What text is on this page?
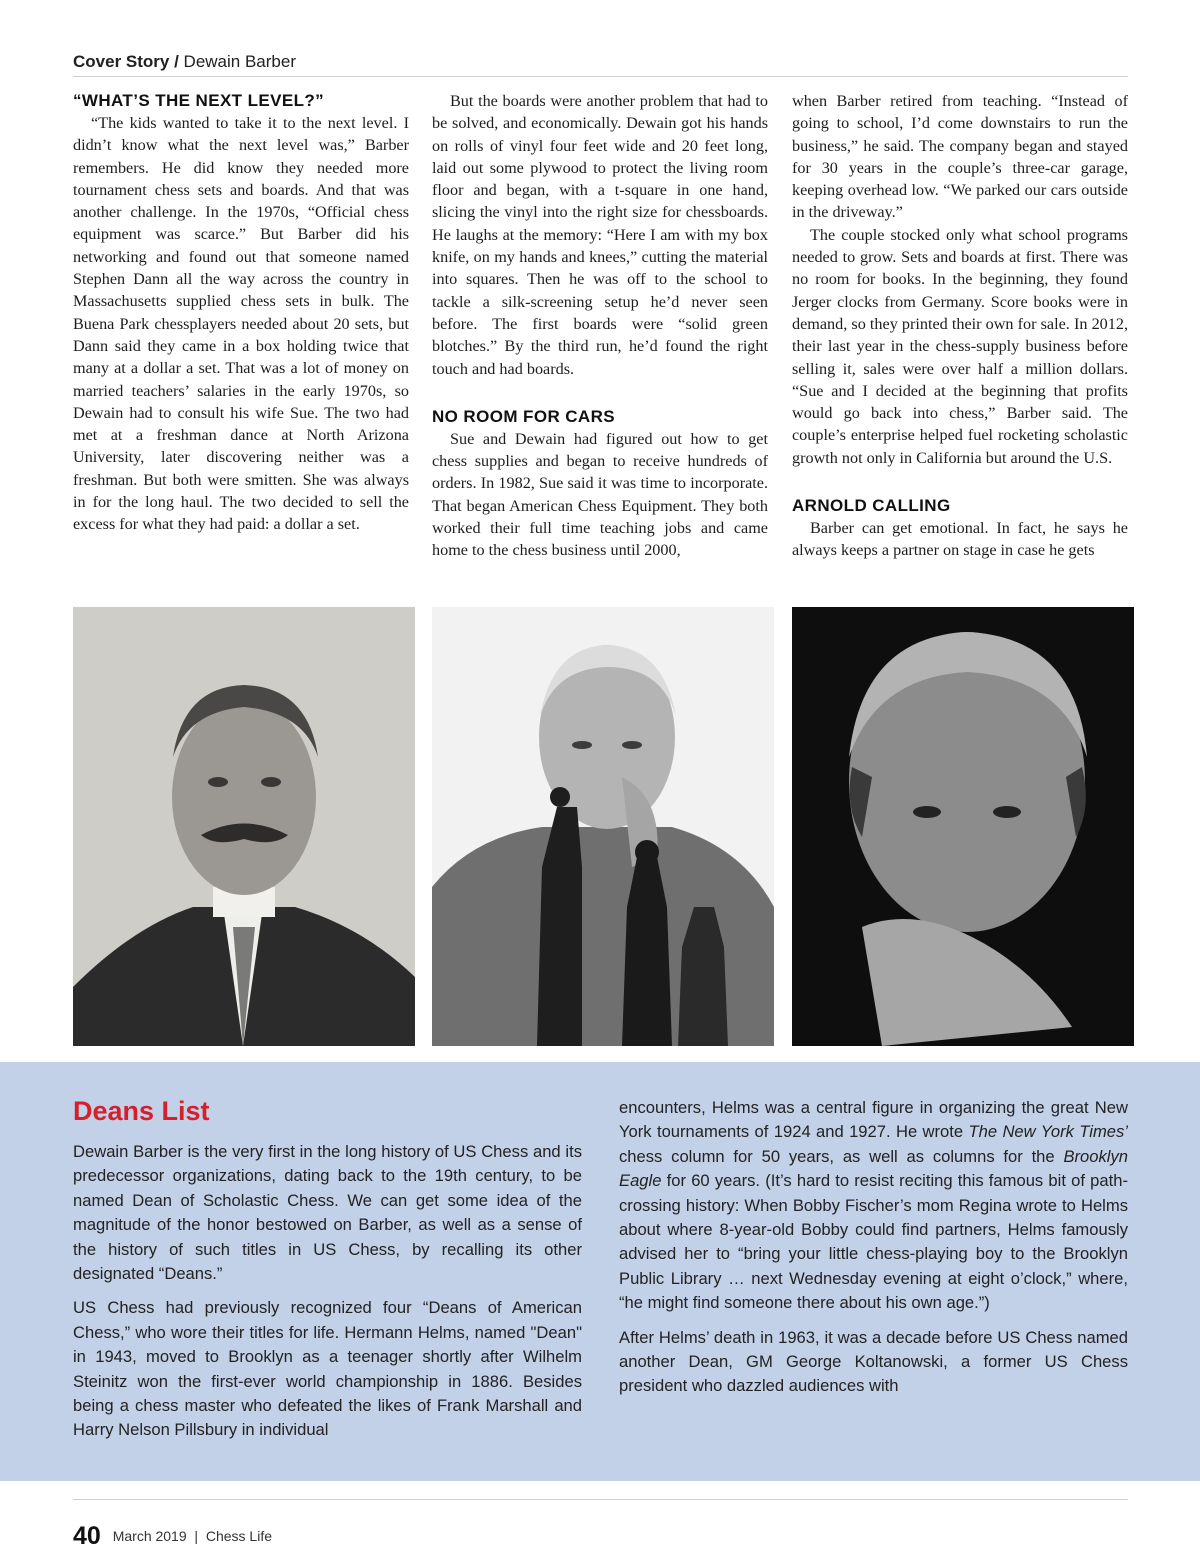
Cover Story / Dewain Barber
“WHAT’S THE NEXT LEVEL?”

“The kids wanted to take it to the next level. I didn’t know what the next level was,” Barber remembers. He did know they needed more tournament chess sets and boards. And that was another challenge. In the 1970s, “Official chess equipment was scarce.” But Barber did his networking and found out that someone named Stephen Dann all the way across the country in Massachusetts supplied chess sets in bulk. The Buena Park chessplayers needed about 20 sets, but Dann said they came in a box holding twice that many at a dollar a set. That was a lot of money on married teachers’ salaries in the early 1970s, so Dewain had to consult his wife Sue. The two had met at a freshman dance at North Arizona University, later discovering neither was a freshman. But both were smitten. She was always in for the long haul. The two decided to sell the excess for what they had paid: a dollar a set.

But the boards were another problem that had to be solved, and economically. Dewain got his hands on rolls of vinyl four feet wide and 20 feet long, laid out some plywood to protect the living room floor and began, with a t-square in one hand, slicing the vinyl into the right size for chessboards. He laughs at the memory: “Here I am with my box knife, on my hands and knees,” cutting the material into squares. Then he was off to the school to tackle a silk-screening setup he’d never seen before. The first boards were “solid green blotches.” By the third run, he’d found the right touch and had boards.

NO ROOM FOR CARS

Sue and Dewain had figured out how to get chess supplies and began to receive hundreds of orders. In 1982, Sue said it was time to incorporate. That began American Chess Equipment. They both worked their full time teaching jobs and came home to the chess business until 2000,

when Barber retired from teaching. “Instead of going to school, I’d come downstairs to run the business,” he said. The company began and stayed for 30 years in the couple’s three-car garage, keeping overhead low. “We parked our cars outside in the driveway.”

The couple stocked only what school programs needed to grow. Sets and boards at first. There was no room for books. In the beginning, they found Jerger clocks from Germany. Score books were in demand, so they printed their own for sale. In 2012, their last year in the chess-supply business before selling it, sales were over half a million dollars. “Sue and I decided at the beginning that profits would go back into chess,” Barber said. The couple’s enterprise helped fuel rocketing scholastic growth not only in California but around the U.S.

ARNOLD CALLING

Barber can get emotional. In fact, he says he always keeps a partner on stage in case he gets

Deans List

Dewain Barber is the very first in the long history of US Chess and its predecessor organizations, dating back to the 19th century, to be named Dean of Scholastic Chess. We can get some idea of the magnitude of the honor bestowed on Barber, as well as a sense of the history of such titles in US Chess, by recalling its other designated “Deans.”

US Chess had previously recognized four “Deans of American Chess,” who wore their titles for life. Hermann Helms, named "Dean" in 1943, moved to Brooklyn as a teenager shortly after Wilhelm Steinitz won the first-ever world championship in 1886. Besides being a chess master who defeated the likes of Frank Marshall and Harry Nelson Pillsbury in individual

encounters, Helms was a central figure in organizing the great New York tournaments of 1924 and 1927. He wrote The New York Times’ chess column for 50 years, as well as columns for the Brooklyn Eagle for 60 years. (It’s hard to resist reciting this famous bit of path-crossing history: When Bobby Fischer’s mom Regina wrote to Helms about where 8-year-old Bobby could find partners, Helms famously advised her to “bring your little chess-playing boy to the Brooklyn Public Library … next Wednesday evening at eight o’clock,” where, “he might find someone there about his own age.”)

After Helms’ death in 1963, it was a decade before US Chess named another Dean, GM George Koltanowski, a former US Chess president who dazzled audiences with

40 March 2019 | Chess Life
